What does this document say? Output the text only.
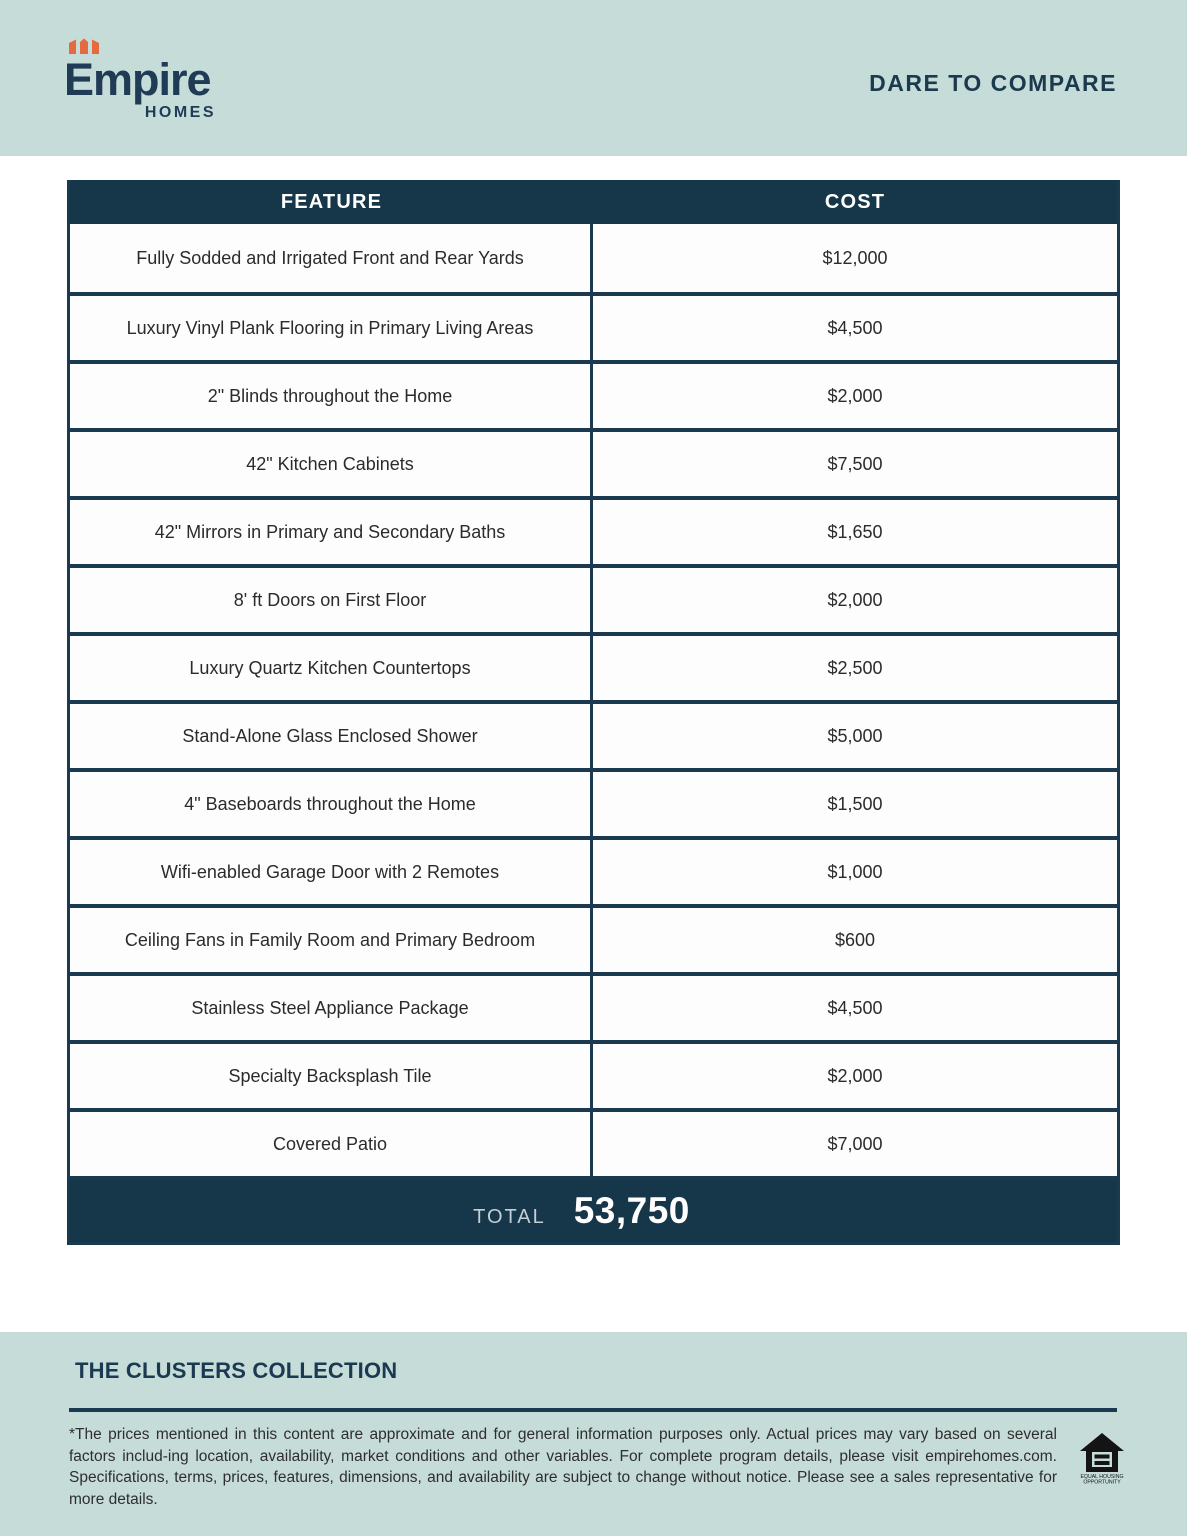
Empire
HOMES
DARE TO COMPARE
FEATURE	COST
Fully Sodded and Irrigated Front and Rear Yards	$12,000
Luxury Vinyl Plank Flooring in Primary Living Areas	$4,500
2" Blinds throughout the Home	$2,000
42" Kitchen Cabinets	$7,500
42" Mirrors in Primary and Secondary Baths	$1,650
8' ft Doors on First Floor	$2,000
Luxury Quartz Kitchen Countertops	$2,500
Stand-Alone Glass Enclosed Shower	$5,000
4" Baseboards throughout the Home	$1,500
Wifi-enabled Garage Door with 2 Remotes	$1,000
Ceiling Fans in Family Room and Primary Bedroom	$600
Stainless Steel Appliance Package	$4,500
Specialty Backsplash Tile	$2,000
Covered Patio	$7,000
TOTAL 53,750
THE CLUSTERS COLLECTION

*The prices mentioned in this content are approximate and for general information purposes only. Actual prices may vary based on several factors includ-ing location, availability, market conditions and other variables. For complete program details, please visit empirehomes.com. Specifications, terms, prices, features, dimensions, and availability are subject to change without notice. Please see a sales representative for more details.

EQUAL HOUSING
OPPORTUNITY
